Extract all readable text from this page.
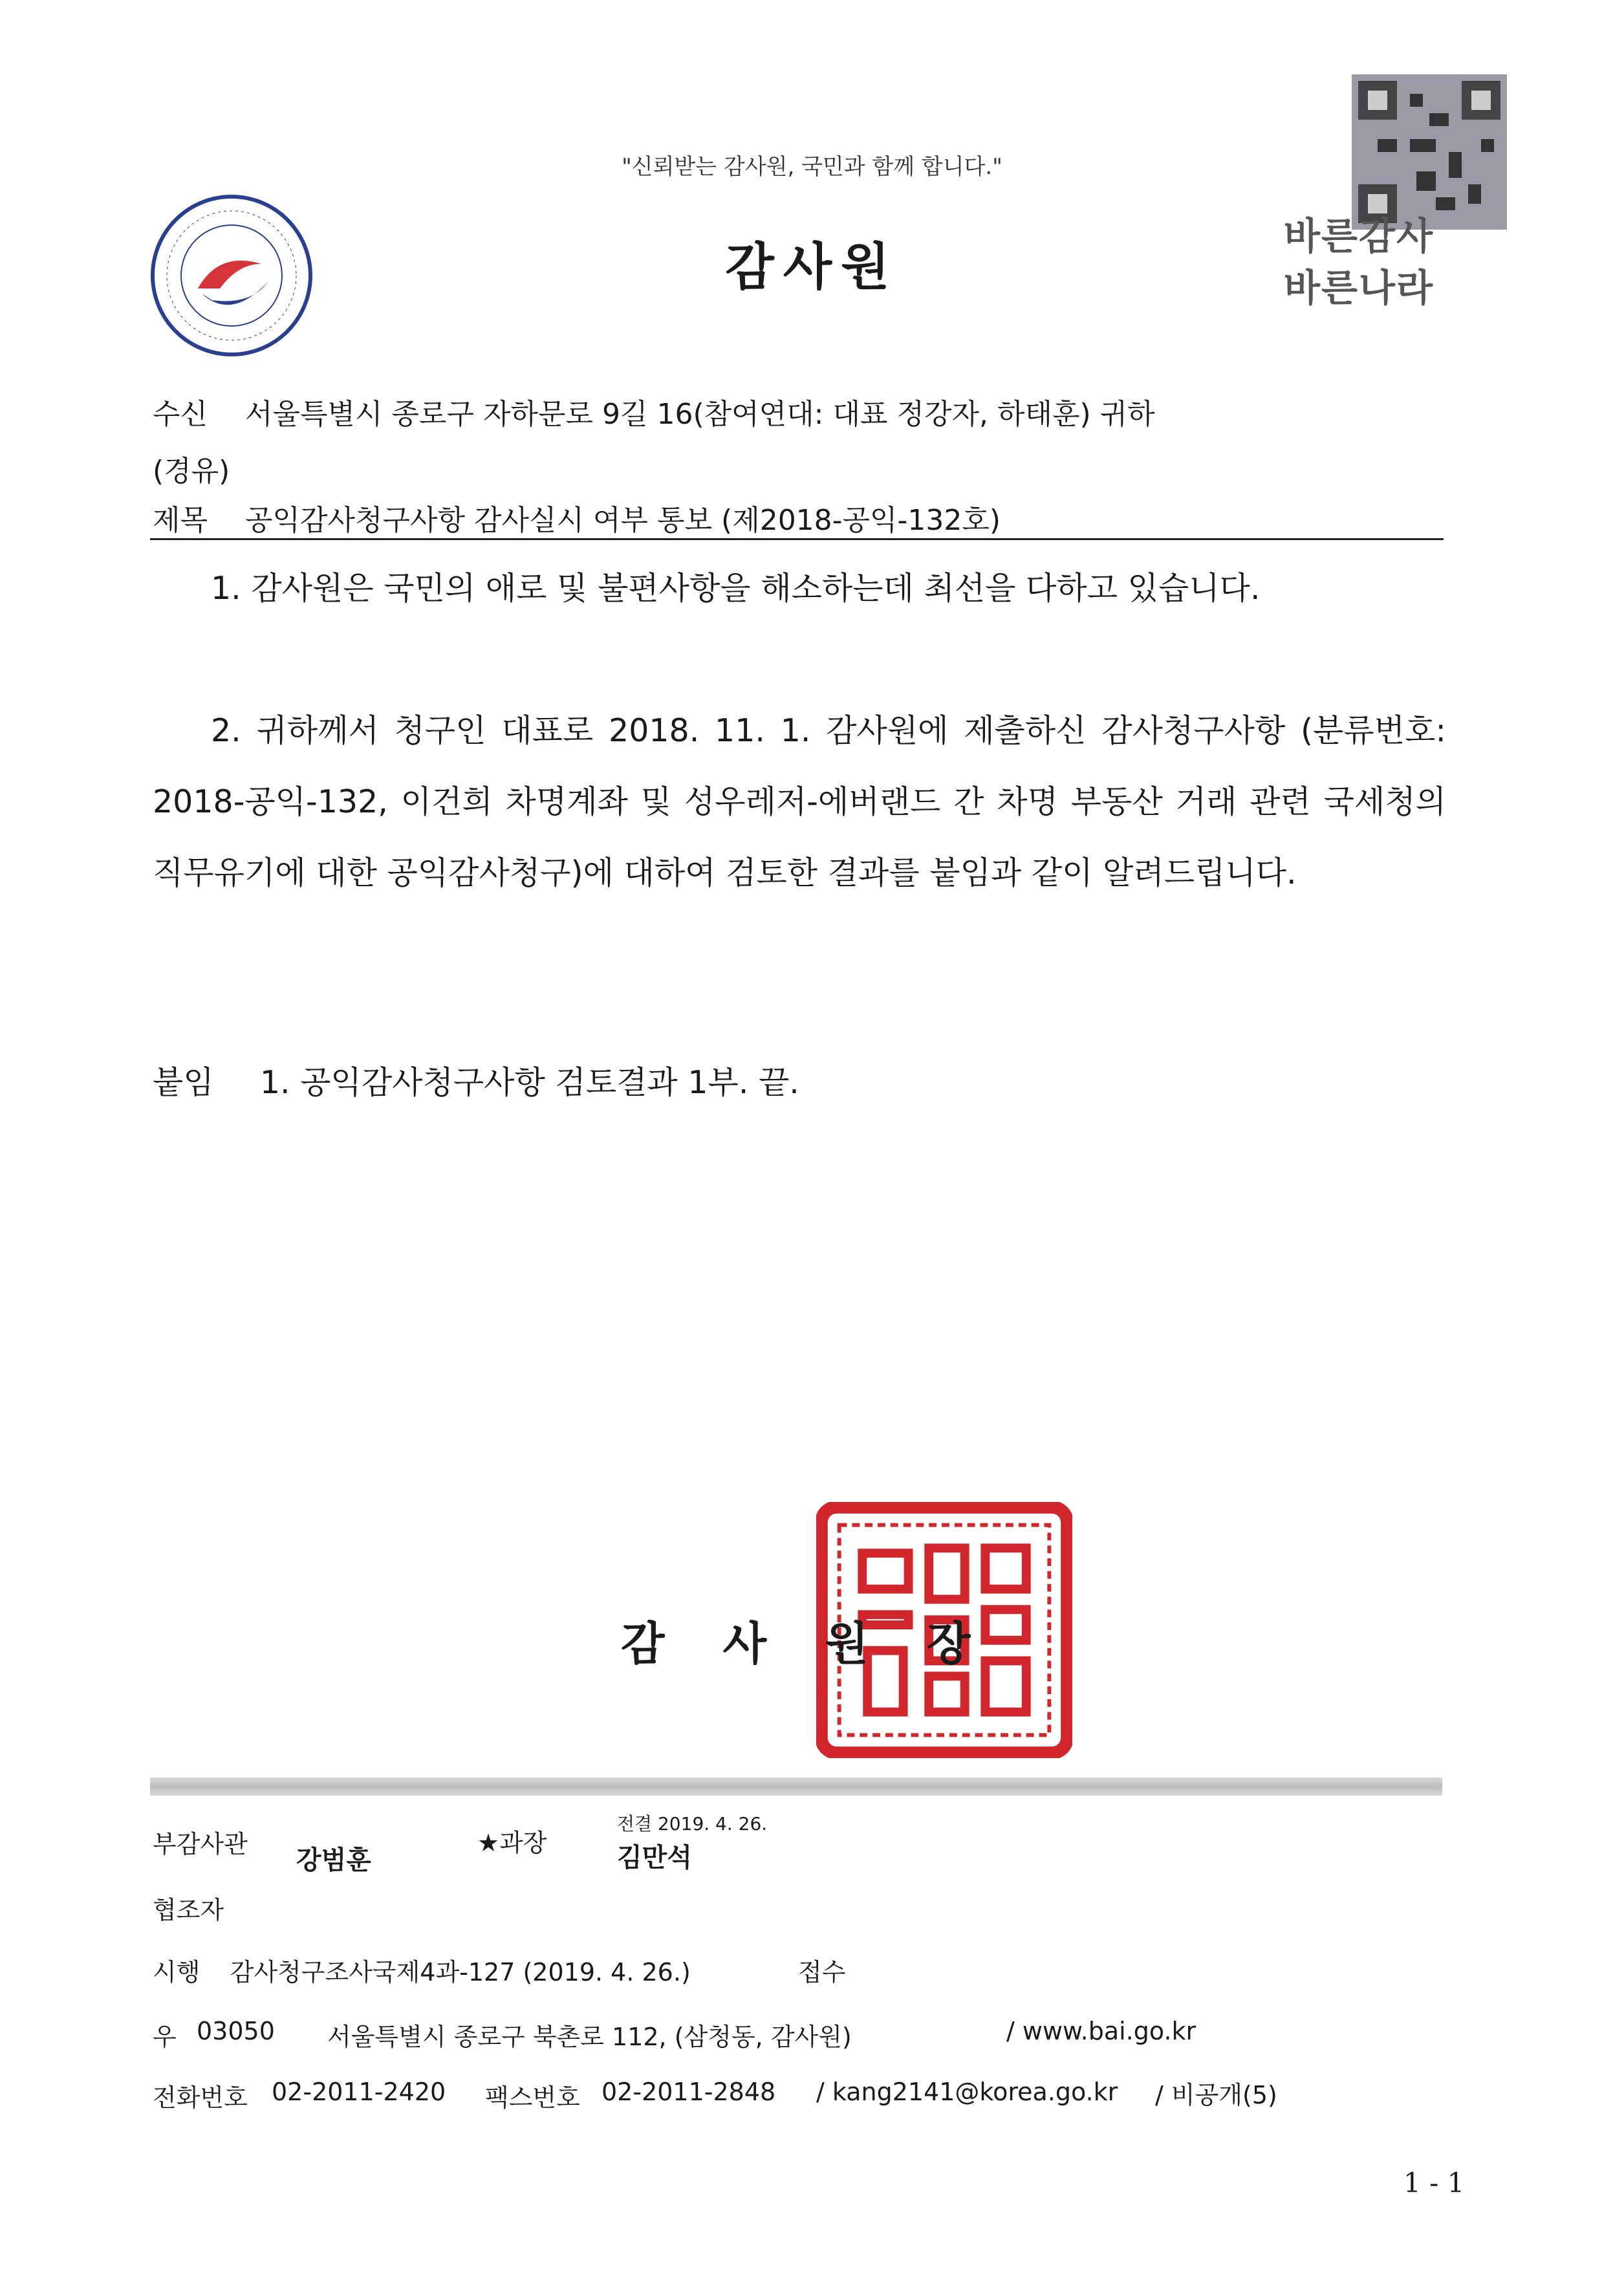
"신뢰받는 감사원, 국민과 함께 합니다."
감사원
바른감사
바른나라
수신 서울특별시 종로구 자하문로 9길 16(참여연대: 대표 정강자, 하태훈) 귀하
(경유)
제목 공익감사청구사항 감사실시 여부 통보 (제2018-공익-132호)
1. 감사원은 국민의 애로 및 불편사항을 해소하는데 최선을 다하고 있습니다.
2. 귀하께서 청구인 대표로 2018. 11. 1. 감사원에 제출하신 감사청구사항 (분류번호: 2018-공익-132, 이건희 차명계좌 및 성우레저-에버랜드 간 차명 부동산 거래 관련 국세청의 직무유기에 대한 공익감사청구)에 대하여 검토한 결과를 붙임과 같이 알려드립니다.
붙임 1. 공익감사청구사항 검토결과 1부. 끝.
감사원장
부감사관
강범훈
★과장
전결 2019. 4. 26.
김만석
협조자
시행 감사청구조사국제4과-127 (2019. 4. 26.)	접수
우 03050 서울특별시 종로구 북촌로 112, (삼청동, 감사원)	/ www.bai.go.kr
전화번호 02-2011-2420 팩스번호 02-2011-2848 / kang2141@korea.go.kr / 비공개(5)
1 - 1
